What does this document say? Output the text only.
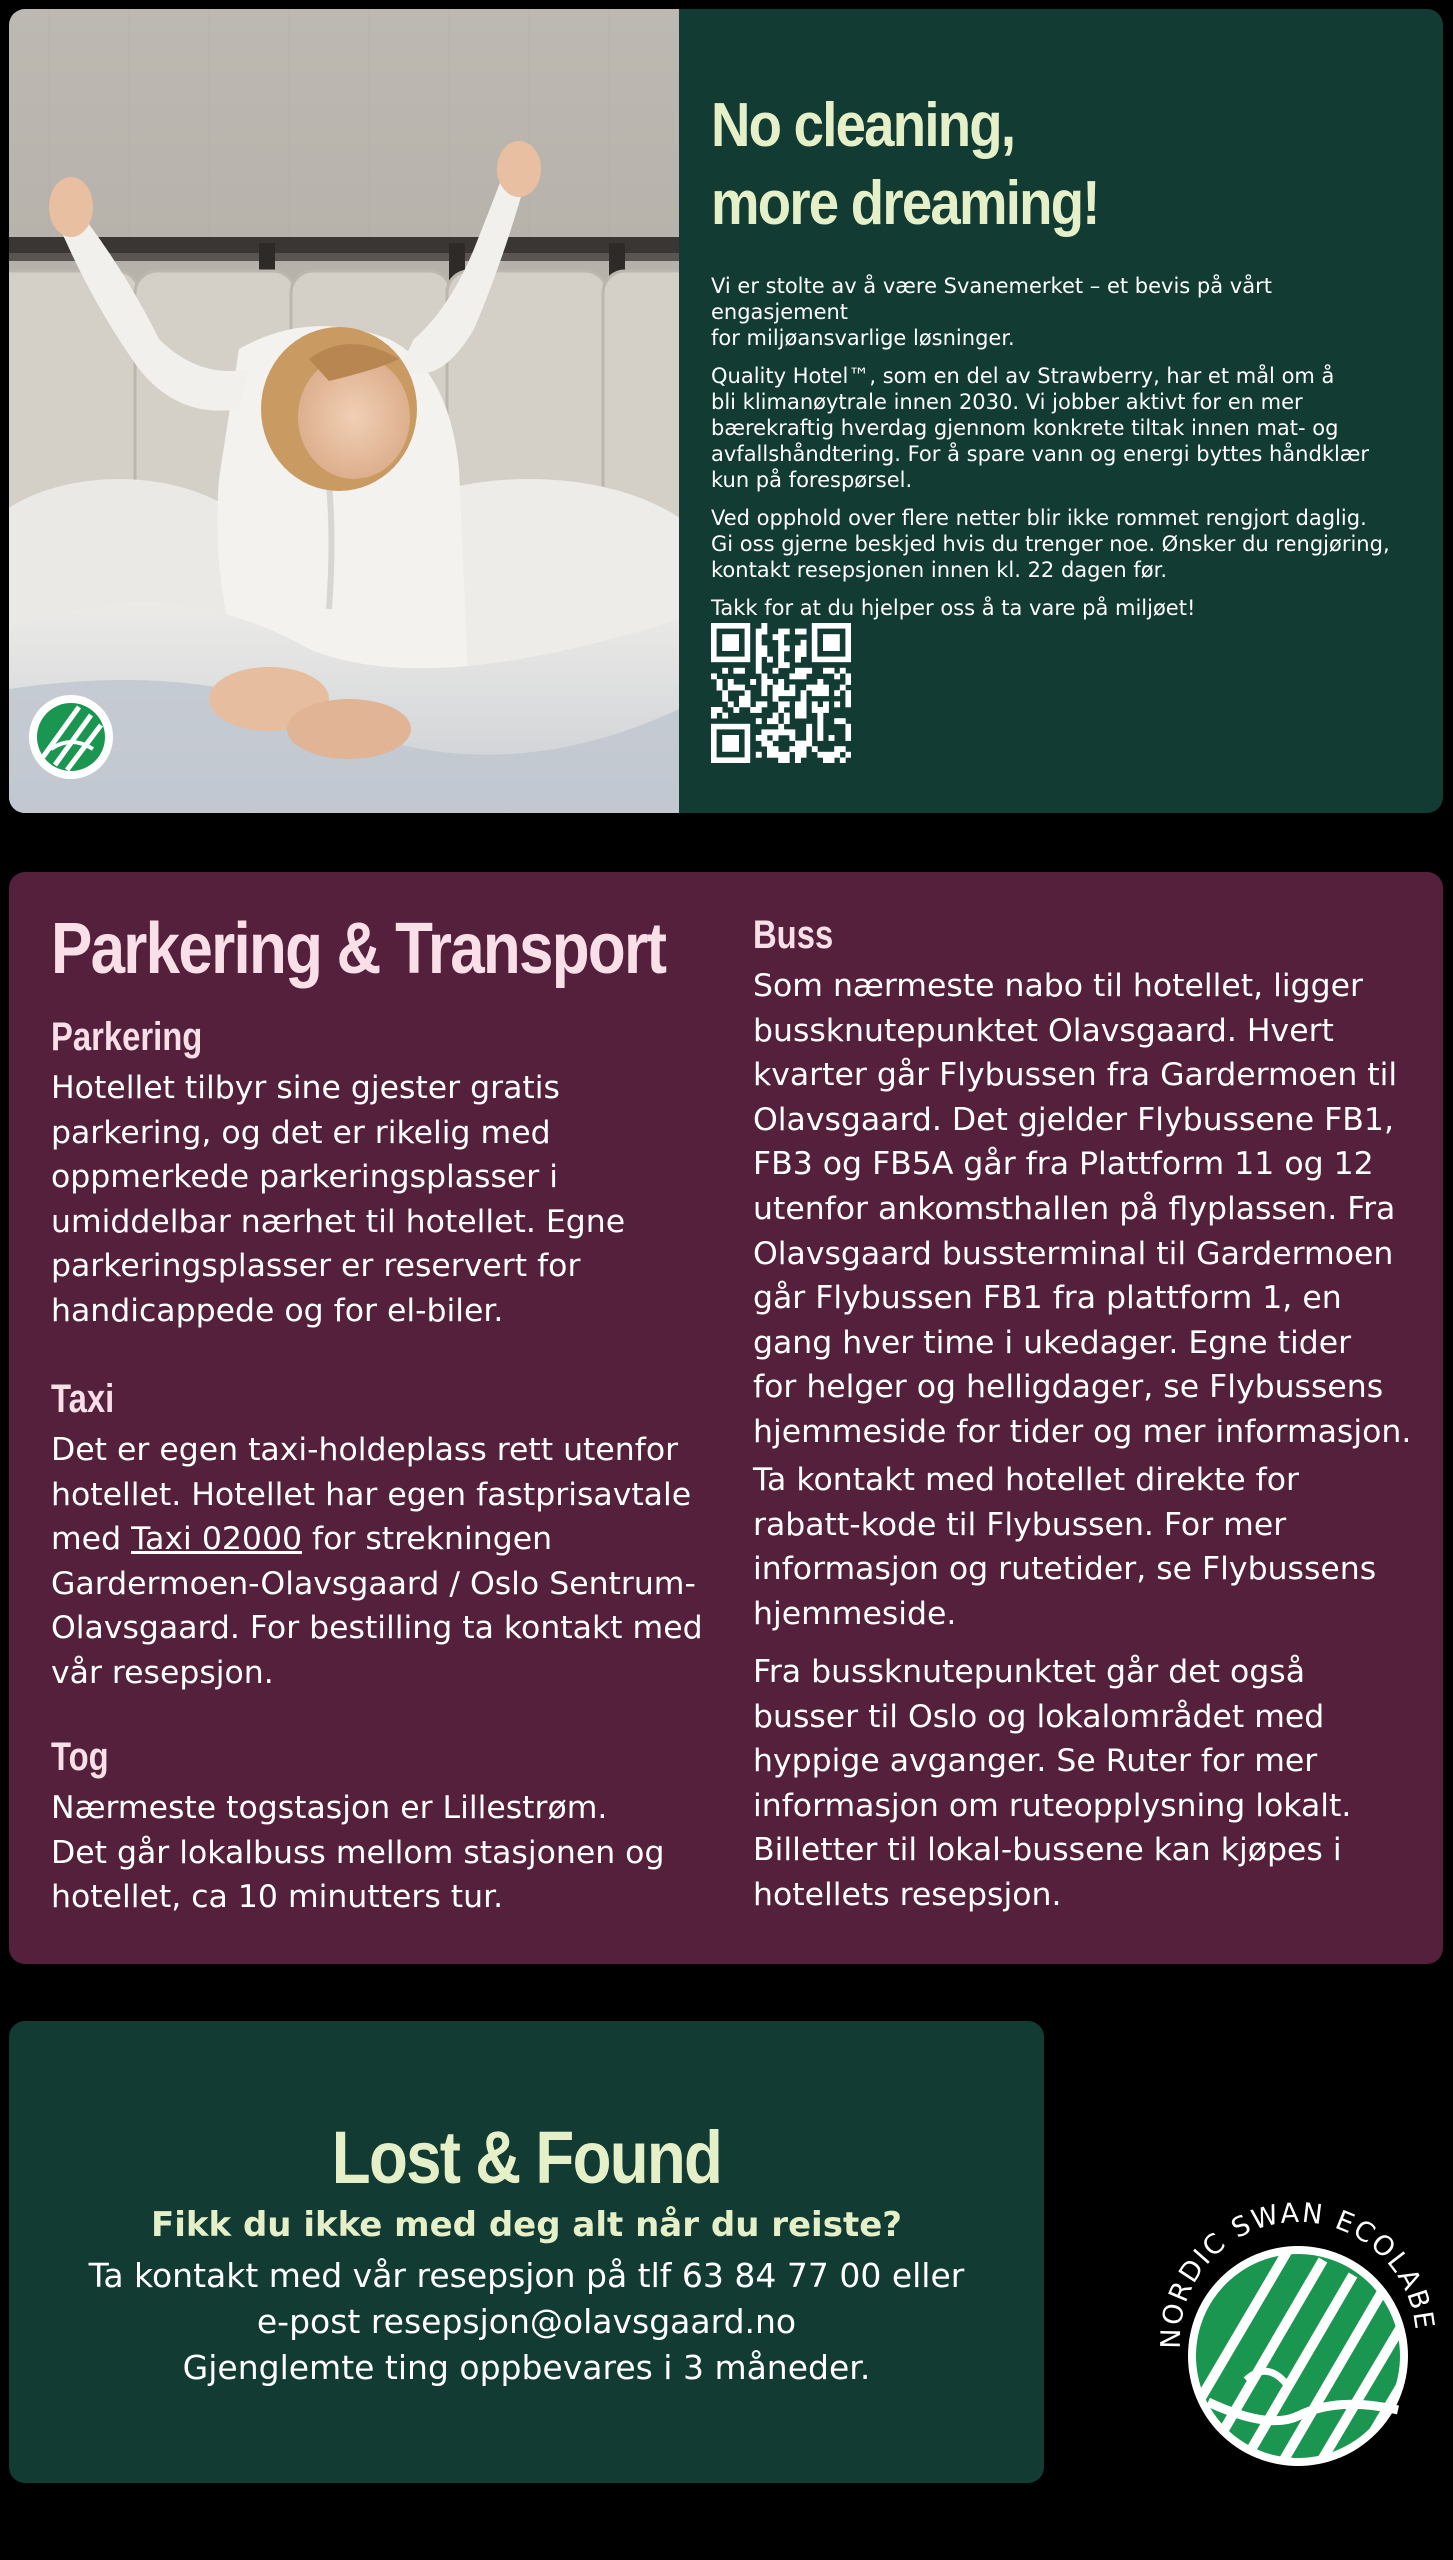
No cleaning,
more dreaming!

Vi er stolte av å være Svanemerket – et bevis på vårt engasjement
for miljøansvarlige løsninger.

Quality Hotel™, som en del av Strawberry, har et mål om å
bli klimanøytrale innen 2030. Vi jobber aktivt for en mer
bærekraftig hverdag gjennom konkrete tiltak innen mat- og
avfallshåndtering. For å spare vann og energi byttes håndklær
kun på forespørsel.

Ved opphold over flere netter blir ikke rommet rengjort daglig.
Gi oss gjerne beskjed hvis du trenger noe. Ønsker du rengjøring,
kontakt resepsjonen innen kl. 22 dagen før.

Takk for at du hjelper oss å ta vare på miljøet!

Parkering & Transport
Parkering

Hotellet tilbyr sine gjester gratis
parkering, og det er rikelig med
oppmerkede parkeringsplasser i
umiddelbar nærhet til hotellet. Egne
parkeringsplasser er reservert for
handicappede og for el-biler.

Taxi

Det er egen taxi-holdeplass rett utenfor
hotellet. Hotellet har egen fastprisavtale
med Taxi 02000 for strekningen
Gardermoen-Olavsgaard / Oslo Sentrum-
Olavsgaard. For bestilling ta kontakt med
vår resepsjon.

Tog

Nærmeste togstasjon er Lillestrøm.
Det går lokalbuss mellom stasjonen og
hotellet, ca 10 minutters tur.

Buss

Som nærmeste nabo til hotellet, ligger
bussknutepunktet Olavsgaard. Hvert
kvarter går Flybussen fra Gardermoen til
Olavsgaard. Det gjelder Flybussene FB1,
FB3 og FB5A går fra Plattform 11 og 12
utenfor ankomsthallen på flyplassen. Fra
Olavsgaard bussterminal til Gardermoen
går Flybussen FB1 fra plattform 1, en
gang hver time i ukedager. Egne tider
for helger og helligdager, se Flybussens
hjemmeside for tider og mer informasjon.

Ta kontakt med hotellet direkte for
rabatt-kode til Flybussen. For mer
informasjon og rutetider, se Flybussens
hjemmeside.

Fra bussknutepunktet går det også
busser til Oslo og lokalområdet med
hyppige avganger. Se Ruter for mer
informasjon om ruteopplysning lokalt.
Billetter til lokal-bussene kan kjøpes i
hotellets resepsjon.

Lost & Found

Fikk du ikke med deg alt når du reiste?

Ta kontakt med vår resepsjon på tlf 63 84 77 00 eller

e-post resepsjon@olavsgaard.no

Gjenglemte ting oppbevares i 3 måneder.

NORDIC SWAN ECOLABE
